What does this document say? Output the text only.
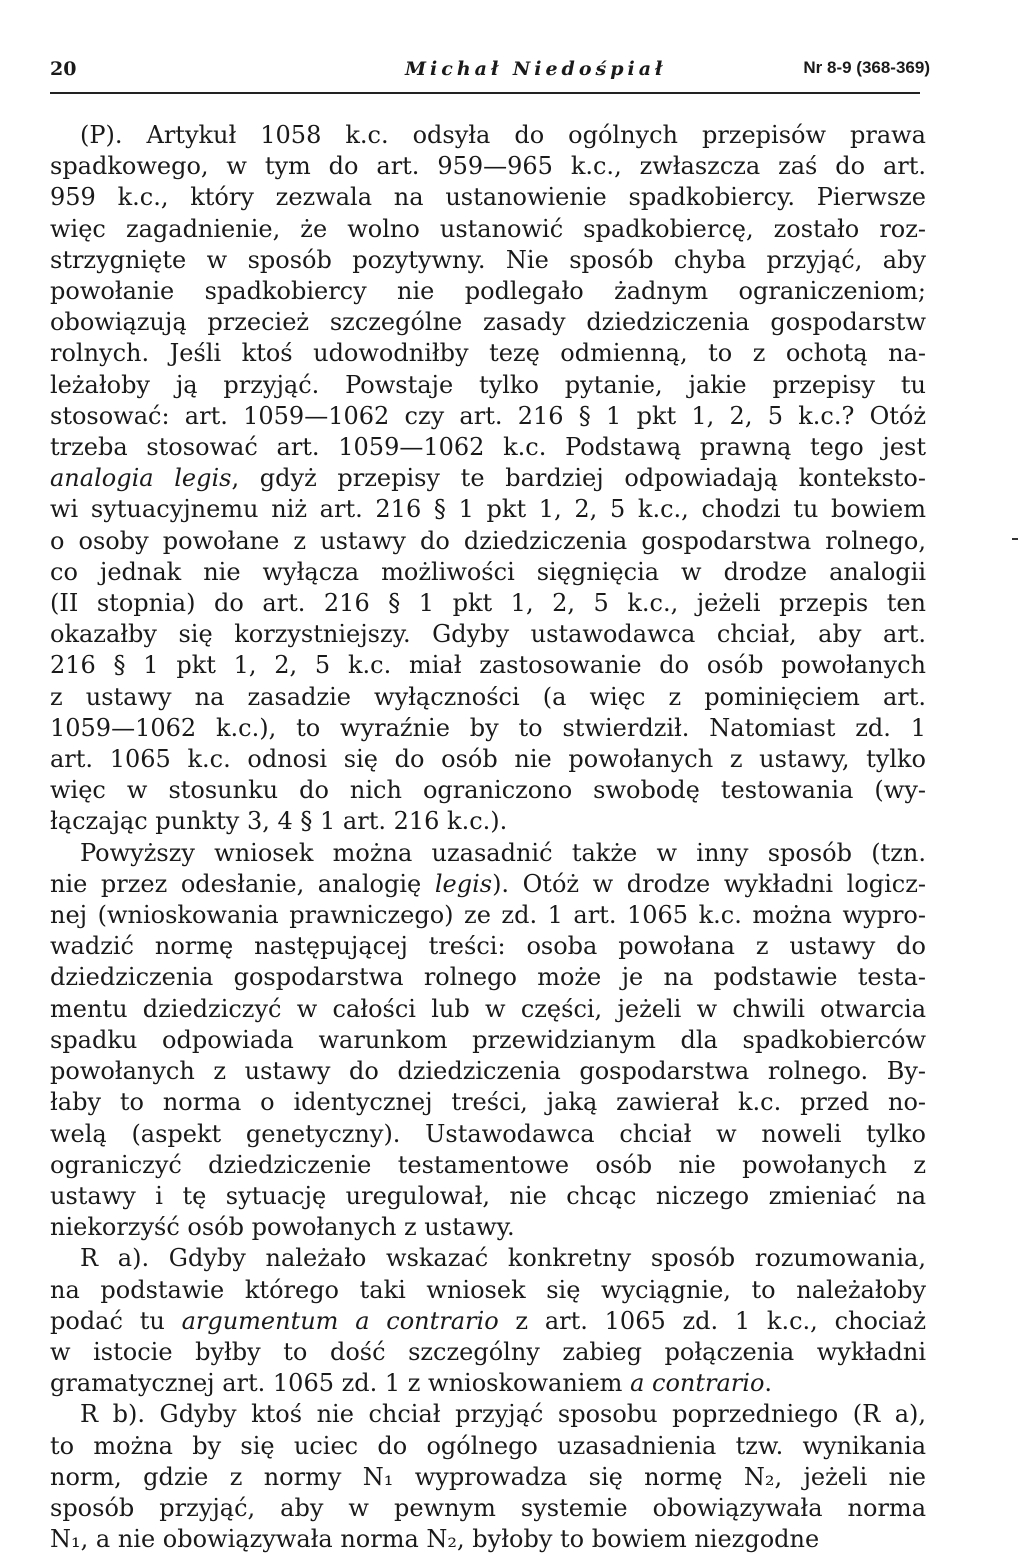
20	Michał Niedośpiał	Nr 8-9 (368-369)
(P). Artykuł 1058 k.c. odsyła do ogólnych przepisów prawa
spadkowego, w tym do art. 959—965 k.c., zwłaszcza zaś do art.
959 k.c., który zezwala na ustanowienie spadkobiercy. Pierwsze
więc zagadnienie, że wolno ustanowić spadkobiercę, zostało roz-
strzygnięte w sposób pozytywny. Nie sposób chyba przyjąć, aby
powołanie spadkobiercy nie podlegało żadnym ograniczeniom;
obowiązują przecież szczególne zasady dziedziczenia gospodarstw
rolnych. Jeśli ktoś udowodniłby tezę odmienną, to z ochotą na-
leżałoby ją przyjąć. Powstaje tylko pytanie, jakie przepisy tu
stosować: art. 1059—1062 czy art. 216 § 1 pkt 1, 2, 5 k.c.? Otóż
trzeba stosować art. 1059—1062 k.c. Podstawą prawną tego jest
analogia legis, gdyż przepisy te bardziej odpowiadają konteksto-
wi sytuacyjnemu niż art. 216 § 1 pkt 1, 2, 5 k.c., chodzi tu bowiem
o osoby powołane z ustawy do dziedziczenia gospodarstwa rolnego,
co jednak nie wyłącza możliwości sięgnięcia w drodze analogii
(II stopnia) do art. 216 § 1 pkt 1, 2, 5 k.c., jeżeli przepis ten
okazałby się korzystniejszy. Gdyby ustawodawca chciał, aby art.
216 § 1 pkt 1, 2, 5 k.c. miał zastosowanie do osób powołanych
z ustawy na zasadzie wyłączności (a więc z pominięciem art.
1059—1062 k.c.), to wyraźnie by to stwierdził. Natomiast zd. 1
art. 1065 k.c. odnosi się do osób nie powołanych z ustawy, tylko
więc w stosunku do nich ograniczono swobodę testowania (wy-
łączając punkty 3, 4 § 1 art. 216 k.c.).
Powyższy wniosek można uzasadnić także w inny sposób (tzn.
nie przez odesłanie, analogię legis). Otóż w drodze wykładni logicz-
nej (wnioskowania prawniczego) ze zd. 1 art. 1065 k.c. można wypro-
wadzić normę następującej treści: osoba powołana z ustawy do
dziedziczenia gospodarstwa rolnego może je na podstawie testa-
mentu dziedziczyć w całości lub w części, jeżeli w chwili otwarcia
spadku odpowiada warunkom przewidzianym dla spadkobierców
powołanych z ustawy do dziedziczenia gospodarstwa rolnego. By-
łaby to norma o identycznej treści, jaką zawierał k.c. przed no-
welą (aspekt genetyczny). Ustawodawca chciał w noweli tylko
ograniczyć dziedziczenie testamentowe osób nie powołanych z
ustawy i tę sytuację uregulował, nie chcąc niczego zmieniać na
niekorzyść osób powołanych z ustawy.
R a). Gdyby należało wskazać konkretny sposób rozumowania,
na podstawie którego taki wniosek się wyciągnie, to należałoby
podać tu argumentum a contrario z art. 1065 zd. 1 k.c., chociaż
w istocie byłby to dość szczególny zabieg połączenia wykładni
gramatycznej art. 1065 zd. 1 z wnioskowaniem a contrario.
R b). Gdyby ktoś nie chciał przyjąć sposobu poprzedniego (R a),
to można by się uciec do ogólnego uzasadnienia tzw. wynikania
norm, gdzie z normy N₁ wyprowadza się normę N₂, jeżeli nie
sposób przyjąć, aby w pewnym systemie obowiązywała norma
N₁, a nie obowiązywała norma N₂, byłoby to bowiem niezgodne
